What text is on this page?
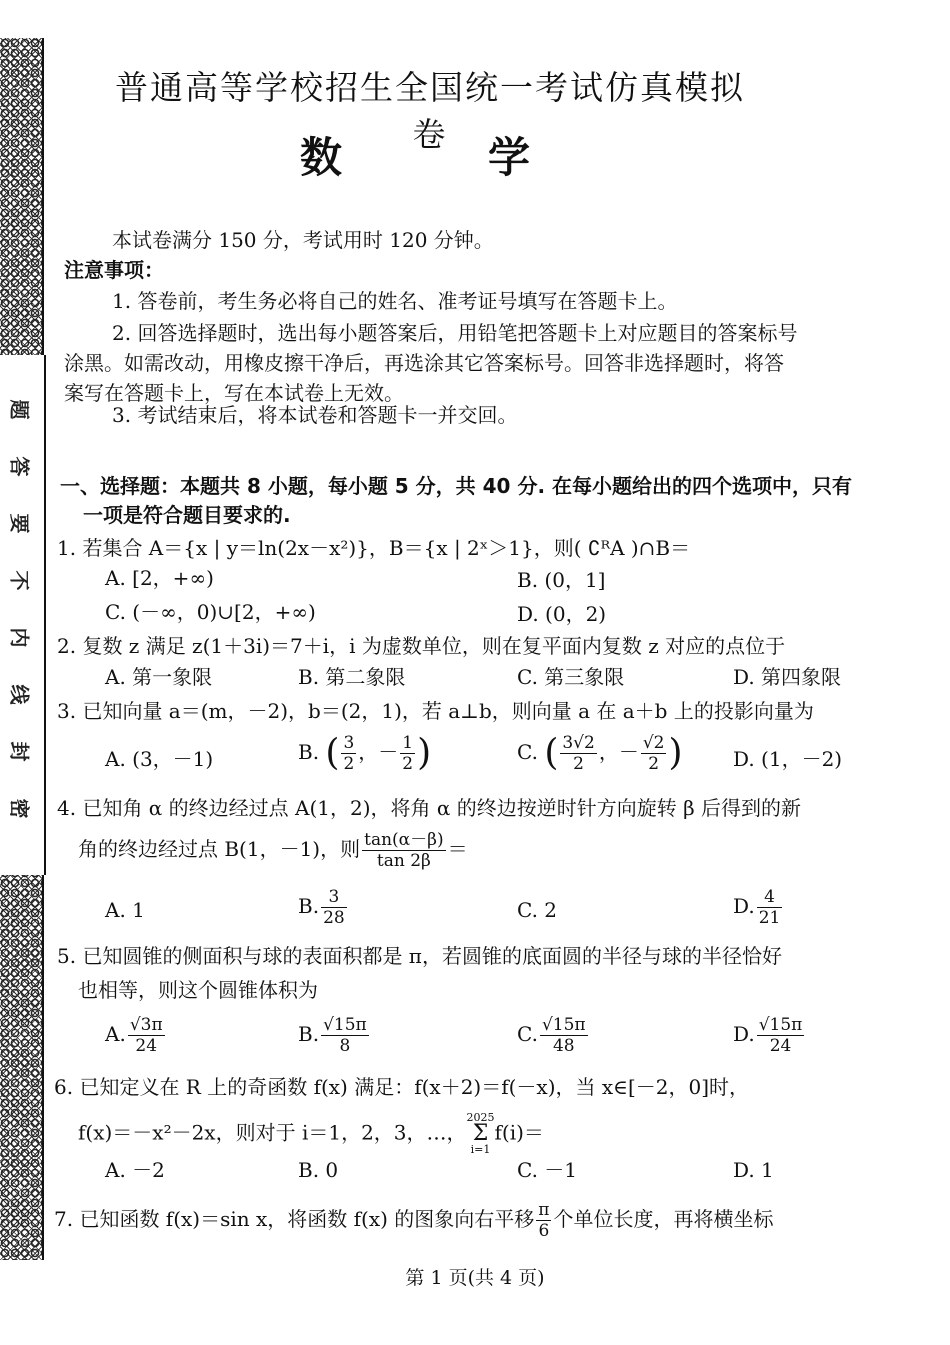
题
答
要
不
内
线
封
密
普通高等学校招生全国统一考试仿真模拟卷
数	学
本试卷满分 150 分，考试用时 120 分钟。
注意事项：
1. 答卷前，考生务必将自己的姓名、准考证号填写在答题卡上。
2. 回答选择题时，选出每小题答案后，用铅笔把答题卡上对应题目的答案标号
涂黑。如需改动，用橡皮擦干净后，再选涂其它答案标号。回答非选择题时，将答
案写在答题卡上，写在本试卷上无效。
3. 考试结束后，将本试卷和答题卡一并交回。
一、选择题：本题共 8 小题，每小题 5 分，共 40 分. 在每小题给出的四个选项中，只有
一项是符合题目要求的.
1. 若集合 A＝{x | y＝ln(2x－x²)}，B＝{x | 2ˣ＞1}，则( ∁ᴿA )∩B＝
A. [2，+∞)	B. (0，1]
C. (－∞，0)∪[2，+∞)	D. (0，2)
2. 复数 z 满足 z(1＋3i)＝7＋i，i 为虚数单位，则在复平面内复数 z 对应的点位于
A. 第一象限	B. 第二象限	C. 第三象限	D. 第四象限
3. 已知向量 a＝(m，－2)，b＝(2，1)，若 a⊥b，则向量 a 在 a＋b 上的投影向量为
A. (3，－1)	B. ( $\frac{3}{2}$ ，－ $\frac{1}{2}$ )	C. ( $\frac{3√2}{2}$ ，－ $\frac{√2}{2}$ )	D. (1，－2)
4. 已知角 α 的终边经过点 A(1，2)，将角 α 的终边按逆时针方向旋转 β 后得到的新
角的终边经过点 B(1，－1)，则 $\frac{\tan(\alpha-\beta)}{\tan 2\beta}$ ＝
A. 1	B. $\frac{3}{28}$	C. 2	D. $\frac{4}{21}$
5. 已知圆锥的侧面积与球的表面积都是 π，若圆锥的底面圆的半径与球的半径恰好
也相等，则这个圆锥体积为
A. $\frac{√3\pi}{24}$	B. $\frac{√15\pi}{8}$	C. $\frac{√15\pi}{48}$	D. $\frac{√15\pi}{24}$
6. 已知定义在 R 上的奇函数 f(x) 满足：f(x＋2)＝f(－x)，当 x∈[－2，0]时，
f(x)＝－x²－2x，则对于 i＝1，2，3，…，2025
Σ
i=1f(i)＝
A. －2	B. 0	C. －1	D. 1
7. 已知函数 f(x)＝sin x，将函数 f(x) 的图象向右平移 $\frac{\pi}{6}$ 个单位长度，再将横坐标
第 1 页(共 4 页)
